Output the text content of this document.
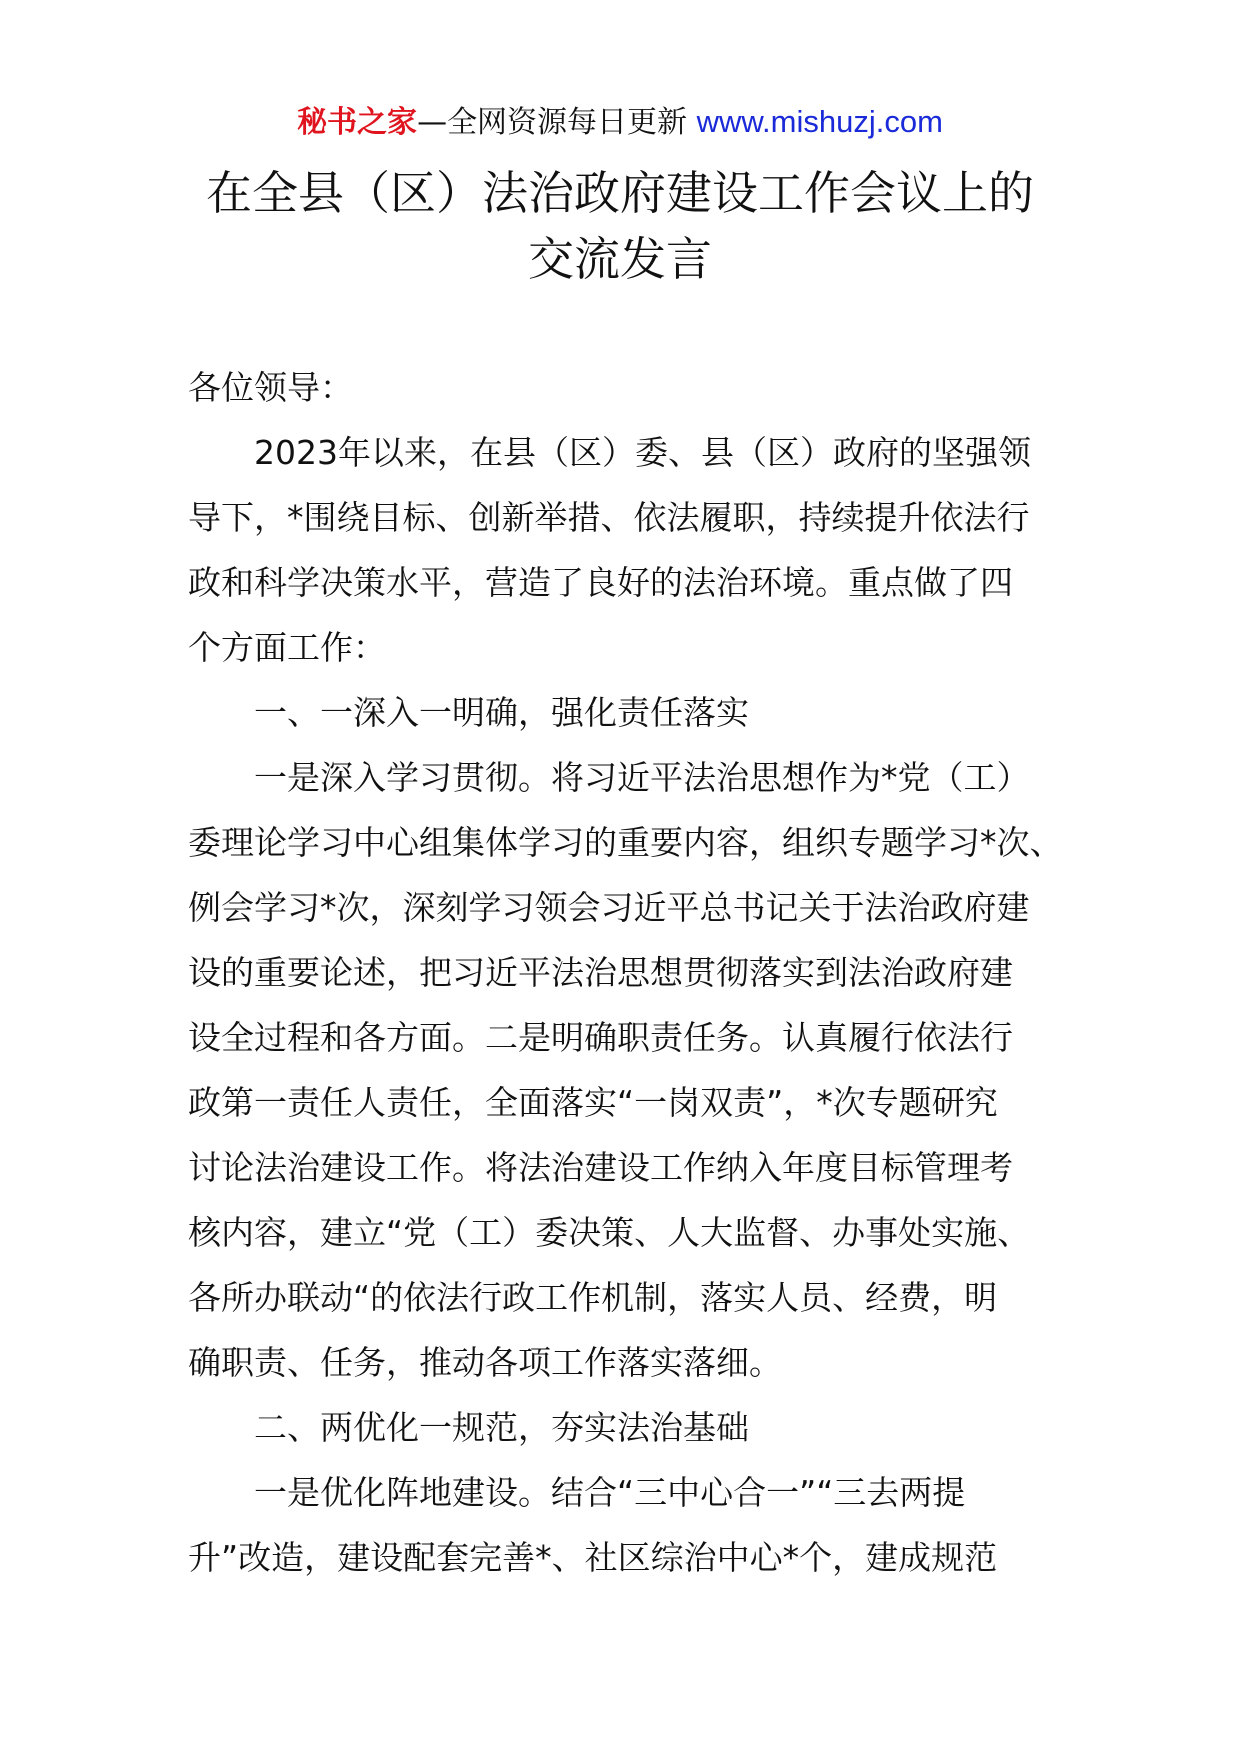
秘书之家—全网资源每日更新 www.mishuzj.com
在全县（区）法治政府建设工作会议上的
交流发言
各位领导：
　　2023年以来，在县（区）委、县（区）政府的坚强领
导下，*围绕目标、创新举措、依法履职，持续提升依法行
政和科学决策水平，营造了良好的法治环境。重点做了四
个方面工作：
　　一、一深入一明确，强化责任落实
　　一是深入学习贯彻。将习近平法治思想作为*党（工）
委理论学习中心组集体学习的重要内容，组织专题学习*次、
例会学习*次，深刻学习领会习近平总书记关于法治政府建
设的重要论述，把习近平法治思想贯彻落实到法治政府建
设全过程和各方面。二是明确职责任务。认真履行依法行
政第一责任人责任，全面落实“一岗双责”，*次专题研究
讨论法治建设工作。将法治建设工作纳入年度目标管理考
核内容，建立“党（工）委决策、人大监督、办事处实施、
各所办联动“的依法行政工作机制，落实人员、经费，明
确职责、任务，推动各项工作落实落细。
　　二、两优化一规范，夯实法治基础
　　一是优化阵地建设。结合“三中心合一”“三去两提
升”改造，建设配套完善*、社区综治中心*个，建成规范
